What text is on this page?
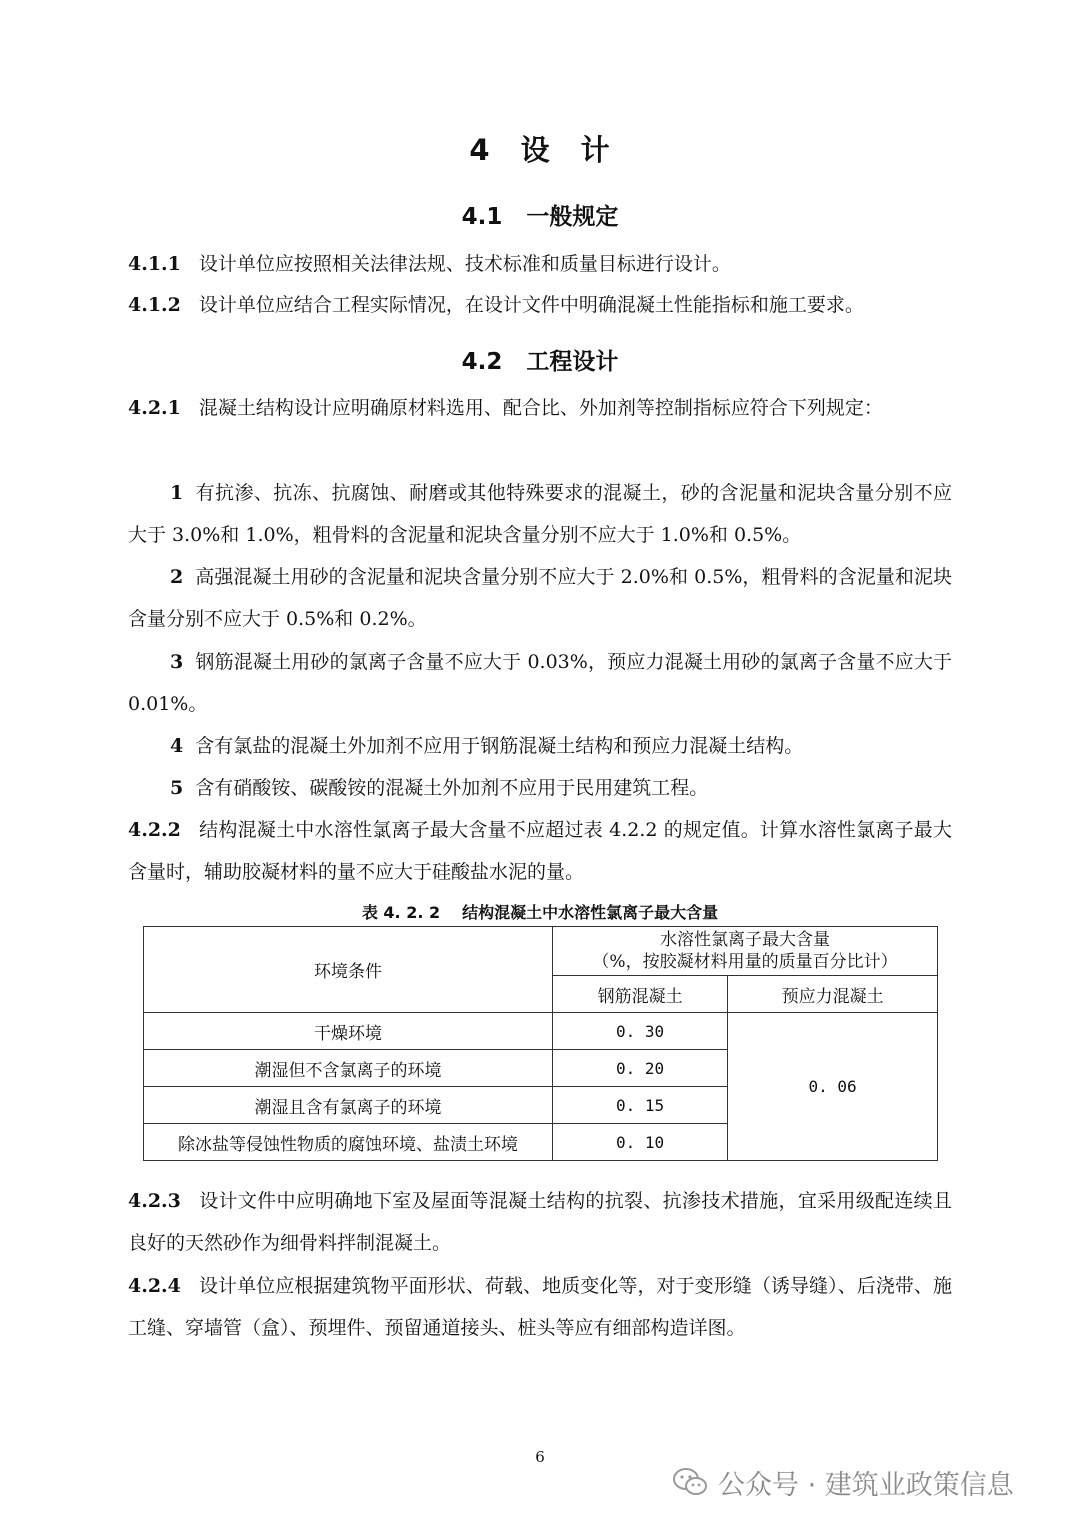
4 设 计
4.1 一般规定
4.1.1 设计单位应按照相关法律法规、技术标准和质量目标进行设计。
4.1.2 设计单位应结合工程实际情况，在设计文件中明确混凝土性能指标和施工要求。
4.2 工程设计
4.2.1 混凝土结构设计应明确原材料选用、配合比、外加剂等控制指标应符合下列规定：
1 有抗渗、抗冻、抗腐蚀、耐磨或其他特殊要求的混凝土，砂的含泥量和泥块含量分别不应大于 3.0%和 1.0%，粗骨料的含泥量和泥块含量分别不应大于 1.0%和 0.5%。
2 高强混凝土用砂的含泥量和泥块含量分别不应大于 2.0%和 0.5%，粗骨料的含泥量和泥块含量分别不应大于 0.5%和 0.2%。
3 钢筋混凝土用砂的氯离子含量不应大于 0.03%，预应力混凝土用砂的氯离子含量不应大于 0.01%。
4 含有氯盐的混凝土外加剂不应用于钢筋混凝土结构和预应力混凝土结构。
5 含有硝酸铵、碳酸铵的混凝土外加剂不应用于民用建筑工程。
4.2.2 结构混凝土中水溶性氯离子最大含量不应超过表 4.2.2 的规定值。计算水溶性氯离子最大含量时，辅助胶凝材料的量不应大于硅酸盐水泥的量。
表 4. 2. 2 结构混凝土中水溶性氯离子最大含量
环境条件	水溶性氯离子最大含量
（%，按胶凝材料用量的质量百分比计）	

	钢筋混凝土	预应力混凝土
干燥环境	0. 30	0. 06
潮湿但不含氯离子的环境	0. 20	
潮湿且含有氯离子的环境	0. 15	
除冰盐等侵蚀性物质的腐蚀环境、盐渍土环境	0. 10	
4.2.3 设计文件中应明确地下室及屋面等混凝土结构的抗裂、抗渗技术措施，宜采用级配连续且良好的天然砂作为细骨料拌制混凝土。
4.2.4 设计单位应根据建筑物平面形状、荷载、地质变化等，对于变形缝（诱导缝）、后浇带、施工缝、穿墙管（盒）、预埋件、预留通道接头、桩头等应有细部构造详图。
6
公众号 · 建筑业政策信息
